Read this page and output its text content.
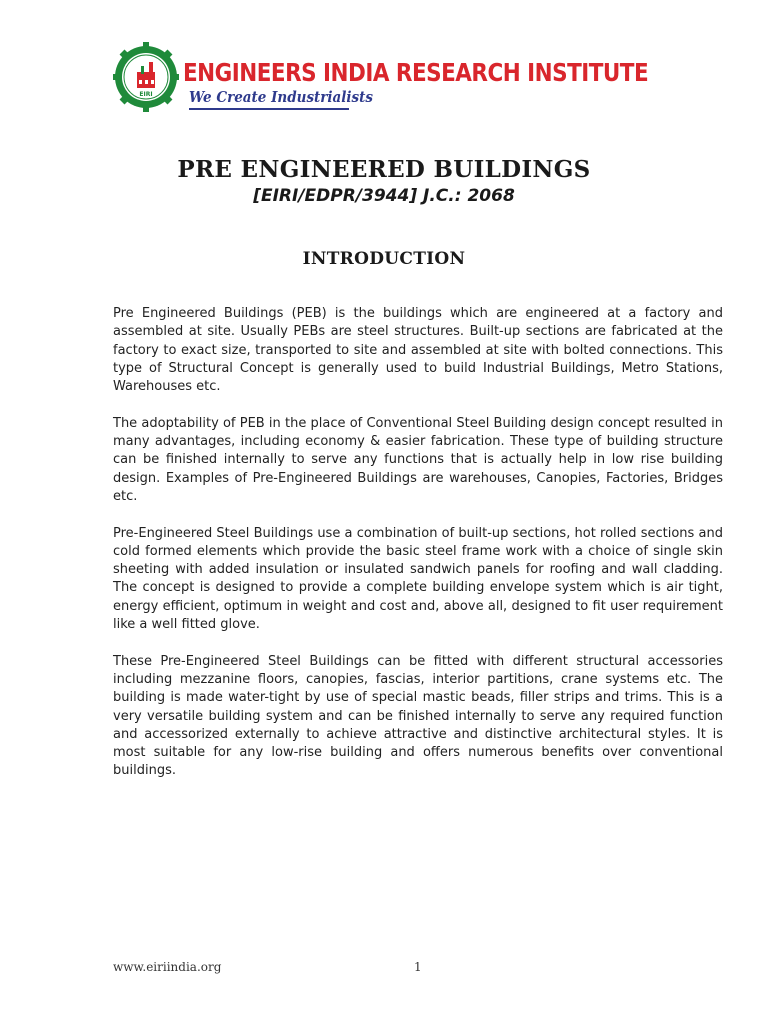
EIRI
ENGINEERS INDIA RESEARCH INSTITUTE
We Create Industrialists
PRE ENGINEERED BUILDINGS
[EIRI/EDPR/3944] J.C.: 2068
INTRODUCTION

Pre Engineered Buildings (PEB) is the buildings which are engineered at a factory and assembled at site. Usually PEBs are steel structures. Built-up sections are fabricated at the factory to exact size, transported to site and assembled at site with bolted connections. This type of Structural Concept is generally used to build Industrial Buildings, Metro Stations, Warehouses etc.

The adoptability of PEB in the place of Conventional Steel Building design concept resulted in many advantages, including economy & easier fabrication. These type of building structure can be finished internally to serve any functions that is actually help in low rise building design. Examples of Pre-Engineered Buildings are warehouses, Canopies, Factories, Bridges etc.

Pre-Engineered Steel Buildings use a combination of built-up sections, hot rolled sections and cold formed elements which provide the basic steel frame work with a choice of single skin sheeting with added insulation or insulated sandwich panels for roofing and wall cladding. The concept is designed to provide a complete building envelope system which is air tight, energy efficient, optimum in weight and cost and, above all, designed to fit user requirement like a well fitted glove.

These Pre-Engineered Steel Buildings can be fitted with different structural accessories including mezzanine floors, canopies, fascias, interior partitions, crane systems etc. The building is made water-tight by use of special mastic beads, filler strips and trims. This is a very versatile building system and can be finished internally to serve any required function and accessorized externally to achieve attractive and distinctive architectural styles. It is most suitable for any low-rise building and offers numerous benefits over conventional buildings.

www.eiriindia.org	1
